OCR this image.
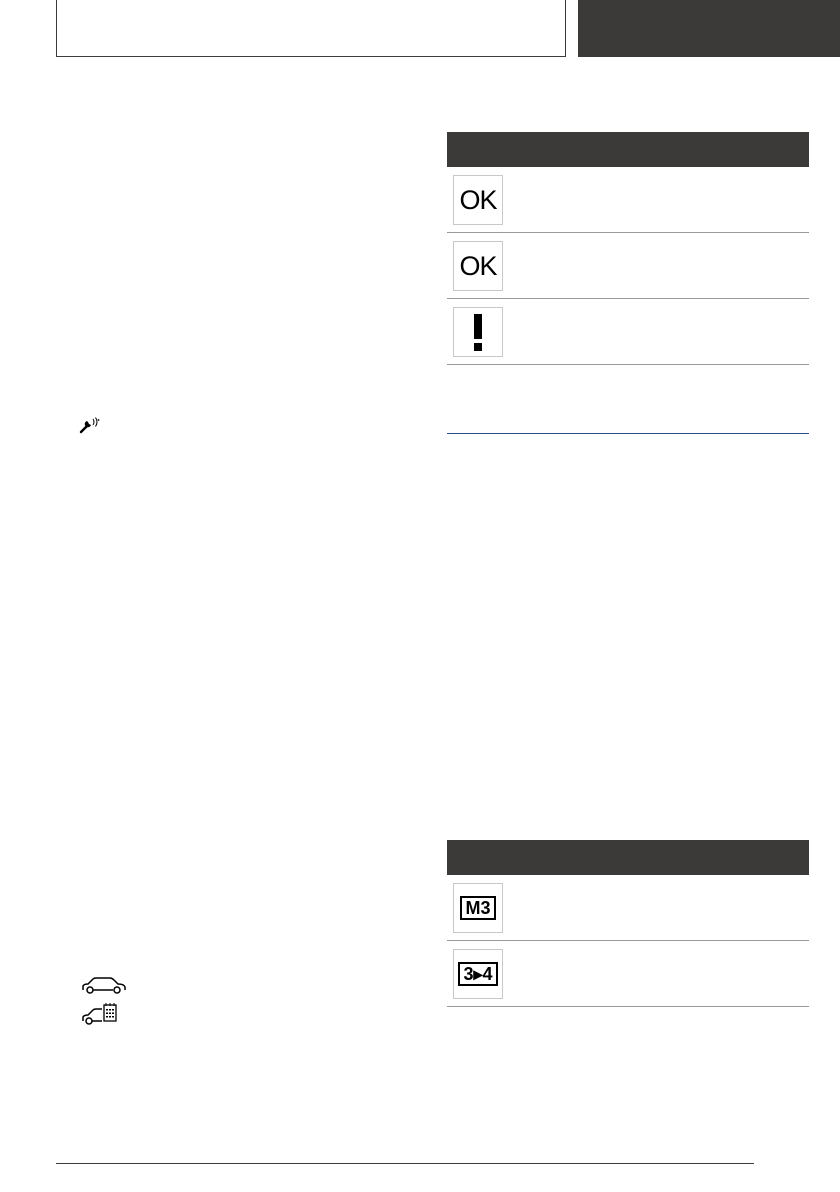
OK
OK
M3
3▸4
